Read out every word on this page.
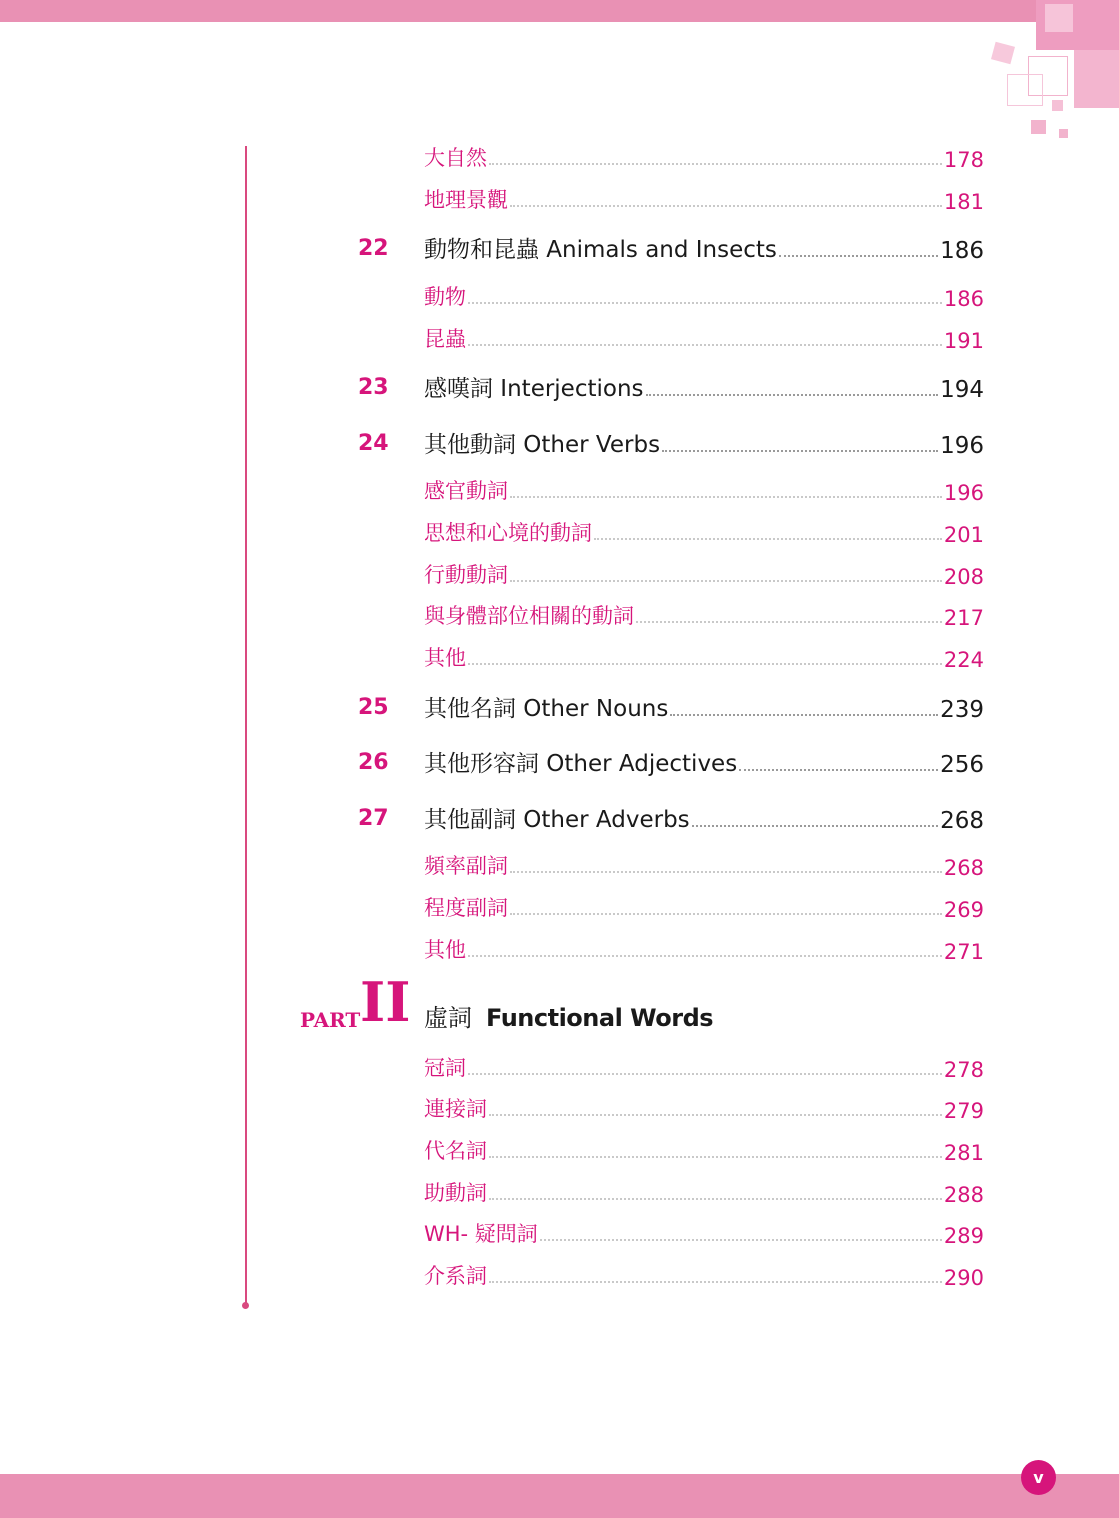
大自然	178
地理景觀	181
22 動物和昆蟲 Animals and Insects	186
動物	186
昆蟲	191
23 感嘆詞 Interjections	194
24 其他動詞 Other Verbs	196
感官動詞	196
思想和心境的動詞	201
行動動詞	208
與身體部位相關的動詞	217
其他	224
25 其他名詞 Other Nouns	239
26 其他形容詞 Other Adjectives	256
27 其他副詞 Other Adverbs	268
頻率副詞	268
程度副詞	269
其他	271
PART II 虛詞 Functional Words
冠詞	278
連接詞	279
代名詞	281
助動詞	288
WH- 疑問詞	289
介系詞	290
v
